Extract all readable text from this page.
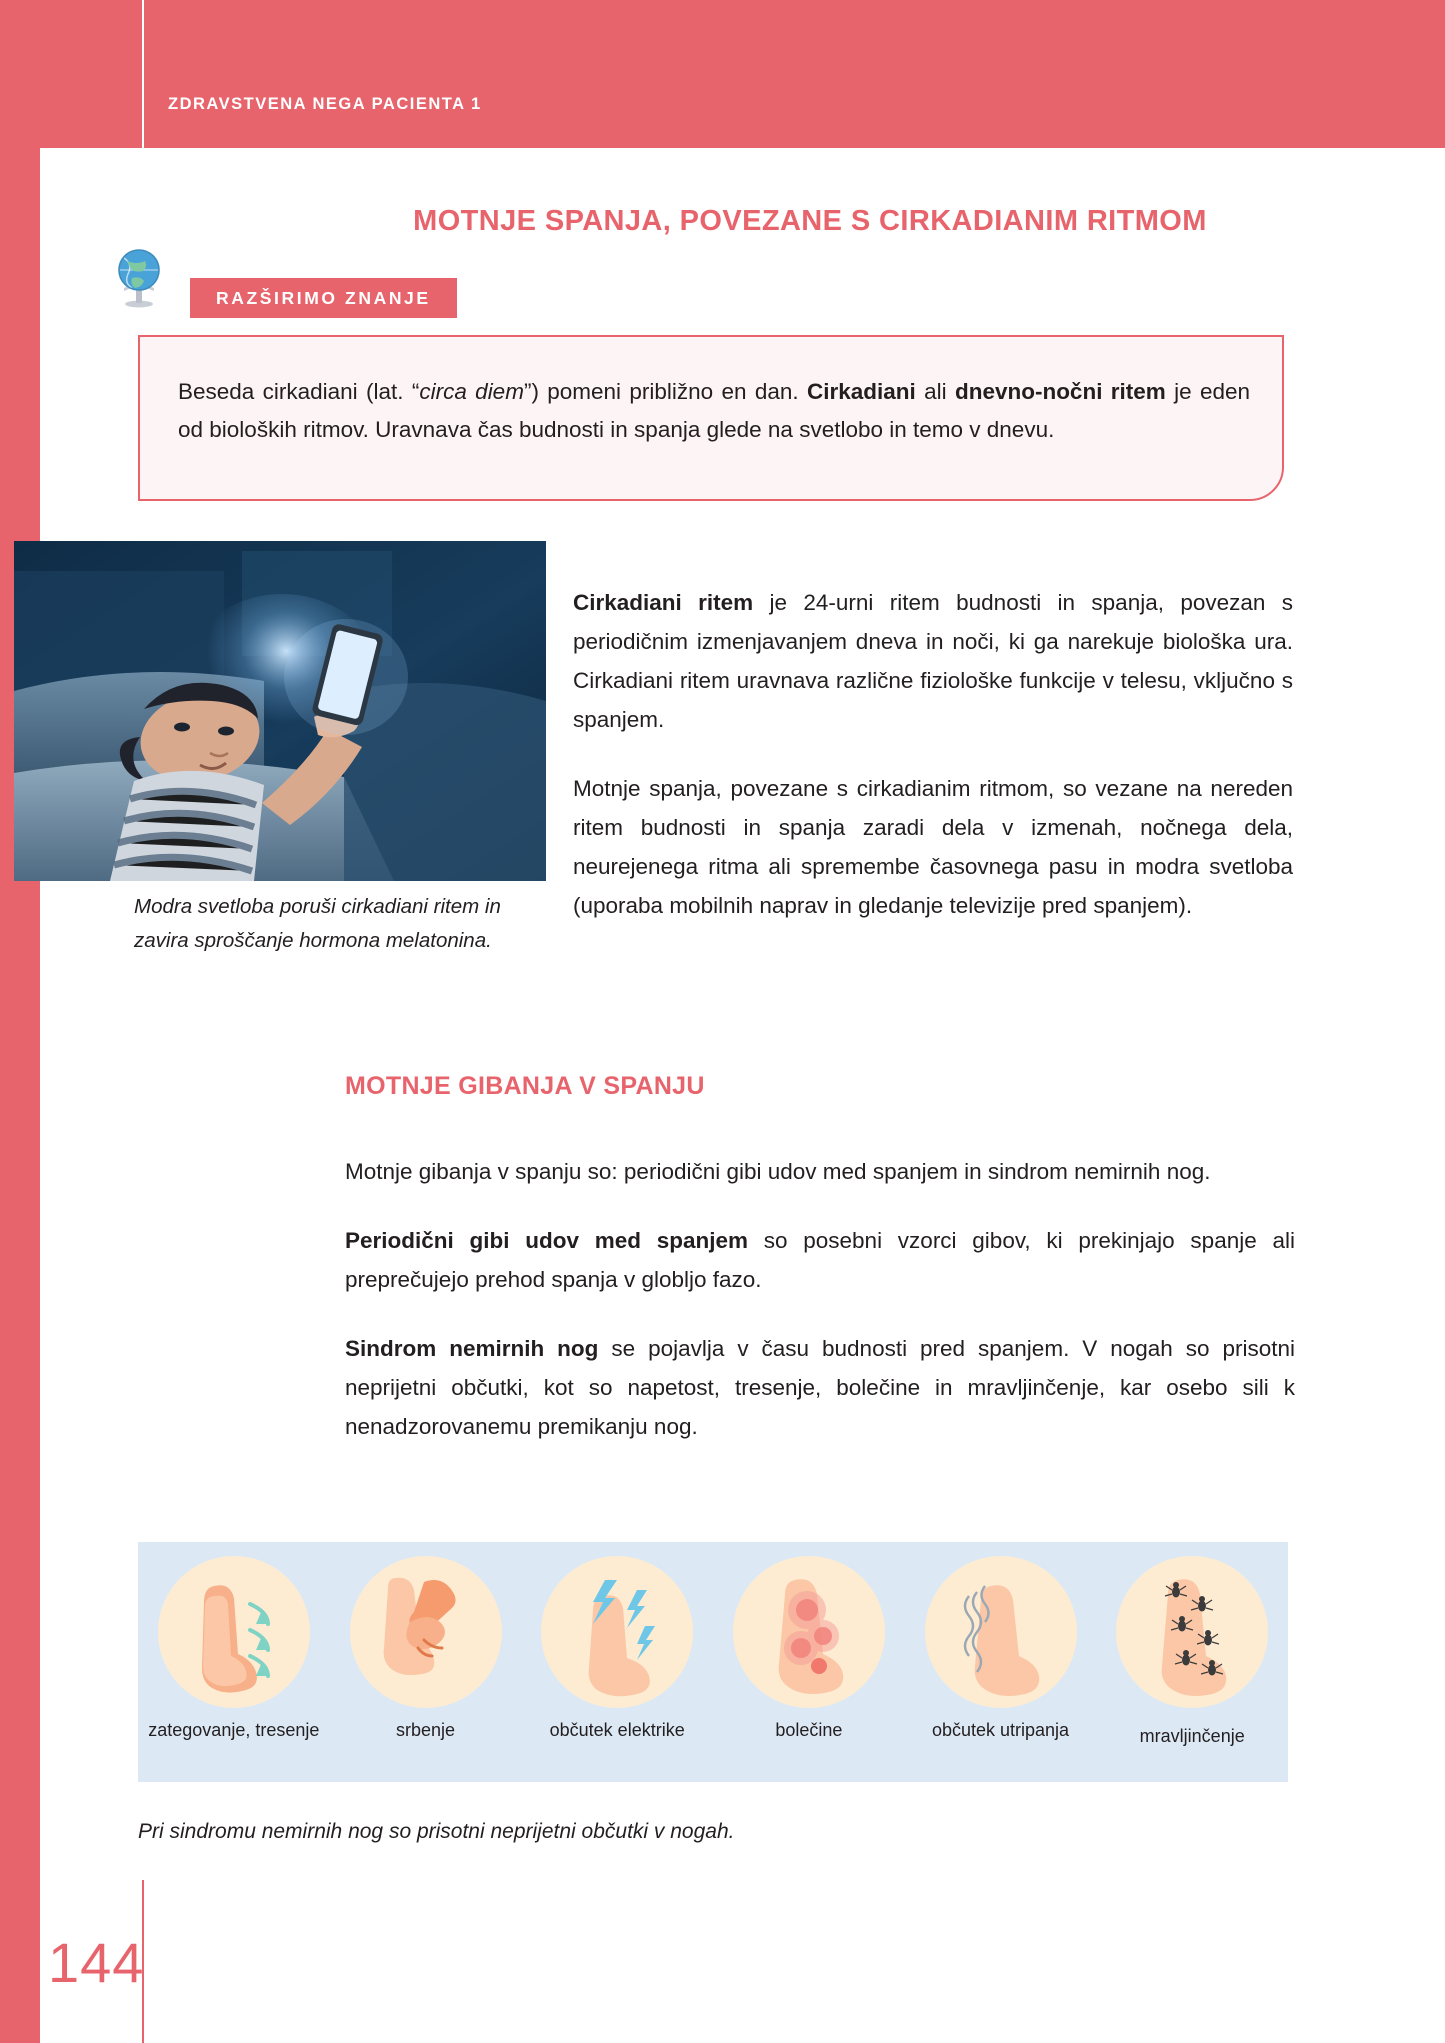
ZDRAVSTVENA NEGA PACIENTA 1
MOTNJE SPANJA, POVEZANE S CIRKADIANIM RITMOM
RAZŠIRIMO ZNANJE
Beseda cirkadiani (lat. “circa diem”) pomeni približno en dan. Cirkadiani ali dnevno-nočni ritem je eden od bioloških ritmov. Uravnava čas budnosti in spanja glede na svetlobo in temo v dnevu.
Modra svetloba poruši cirkadiani ritem in zavira sproščanje hormona melatonina.

Cirkadiani ritem je 24-urni ritem budnosti in spanja, povezan s periodičnim izmenjavanjem dneva in noči, ki ga narekuje biološka ura. Cirkadiani ritem uravnava različne fiziološke funkcije v telesu, vključno s spanjem.

Motnje spanja, povezane s cirkadianim ritmom, so vezane na nereden ritem budnosti in spanja zaradi dela v izmenah, nočnega dela, neurejenega ritma ali spremembe časovnega pasu in modra svetloba (uporaba mobilnih naprav in gledanje televizije pred spanjem).

MOTNJE GIBANJA V SPANJU

Motnje gibanja v spanju so: periodični gibi udov med spanjem in sindrom nemirnih nog.

Periodični gibi udov med spanjem so posebni vzorci gibov, ki prekinjajo spanje ali preprečujejo prehod spanja v globljo fazo.

Sindrom nemirnih nog se pojavlja v času budnosti pred spanjem. V nogah so prisotni neprijetni občutki, kot so napetost, tresenje, bolečine in mravljinčenje, kar osebo sili k nenadzorovanemu premikanju nog.

zategovanje, tresenje	srbenje	občutek elektrike	bolečine	občutek utripanja	mravljinčenje
Pri sindromu nemirnih nog so prisotni neprijetni občutki v nogah.
144
